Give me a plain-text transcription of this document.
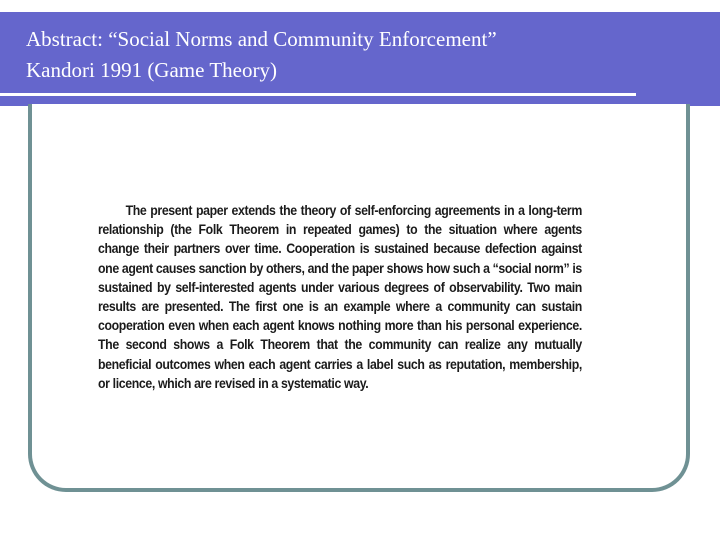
Abstract: “Social Norms and Community Enforcement”
Kandori 1991 (Game Theory)
The present paper extends the theory of self-enforcing agreements in a long-term relationship (the Folk Theorem in repeated games) to the situation where agents change their partners over time. Cooperation is sustained because defection against one agent causes sanction by others, and the paper shows how such a “social norm” is sustained by self-interested agents under various degrees of observability. Two main results are presented. The first one is an example where a community can sustain cooperation even when each agent knows nothing more than his personal experience. The second shows a Folk Theorem that the community can realize any mutually beneficial outcomes when each agent carries a label such as reputation, membership, or licence, which are revised in a systematic way.
